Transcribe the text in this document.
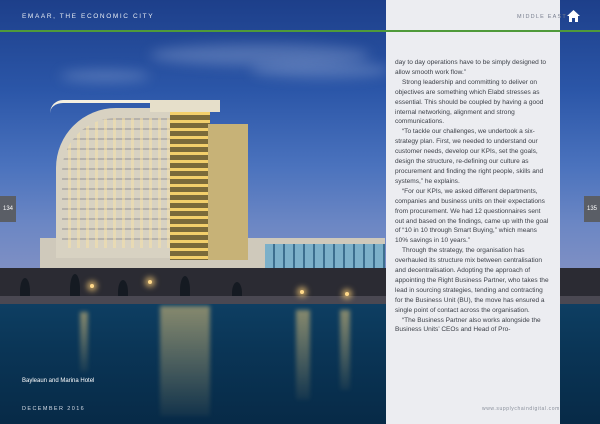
EMAAR, THE ECONOMIC CITY	MIDDLE EAST
134	135

day to day operations have to be simply designed to allow smooth work flow.”

Strong leadership and committing to deliver on objectives are something which Elabd stresses as essential. This should be coupled by having a good internal networking, alignment and strong communications.

“To tackle our challenges, we undertook a six-strategy plan. First, we needed to understand our customer needs, develop our KPIs, set the goals, design the structure, re-defining our culture as procurement and finding the right people, skills and systems,” he explains.

“For our KPIs, we asked different departments, companies and business units on their expectations from procurement. We had 12 questionnaires sent out and based on the findings, came up with the goal of “10 in 10 through Smart Buying,” which means 10% savings in 10 years.”

Through the strategy, the organisation has overhauled its structure mix between centralisation and decentralisation. Adopting the approach of appointing the Right Business Partner, who takes the lead in sourcing strategies, tending and contracting for the Business Unit (BU), the move has ensured a single point of contact across the organisation.

“The Business Partner also works alongside the Business Units’ CEOs and Head of Pro-

Bayleaun and Marina Hotel
DECEMBER 2016	www.supplychaindigital.com
